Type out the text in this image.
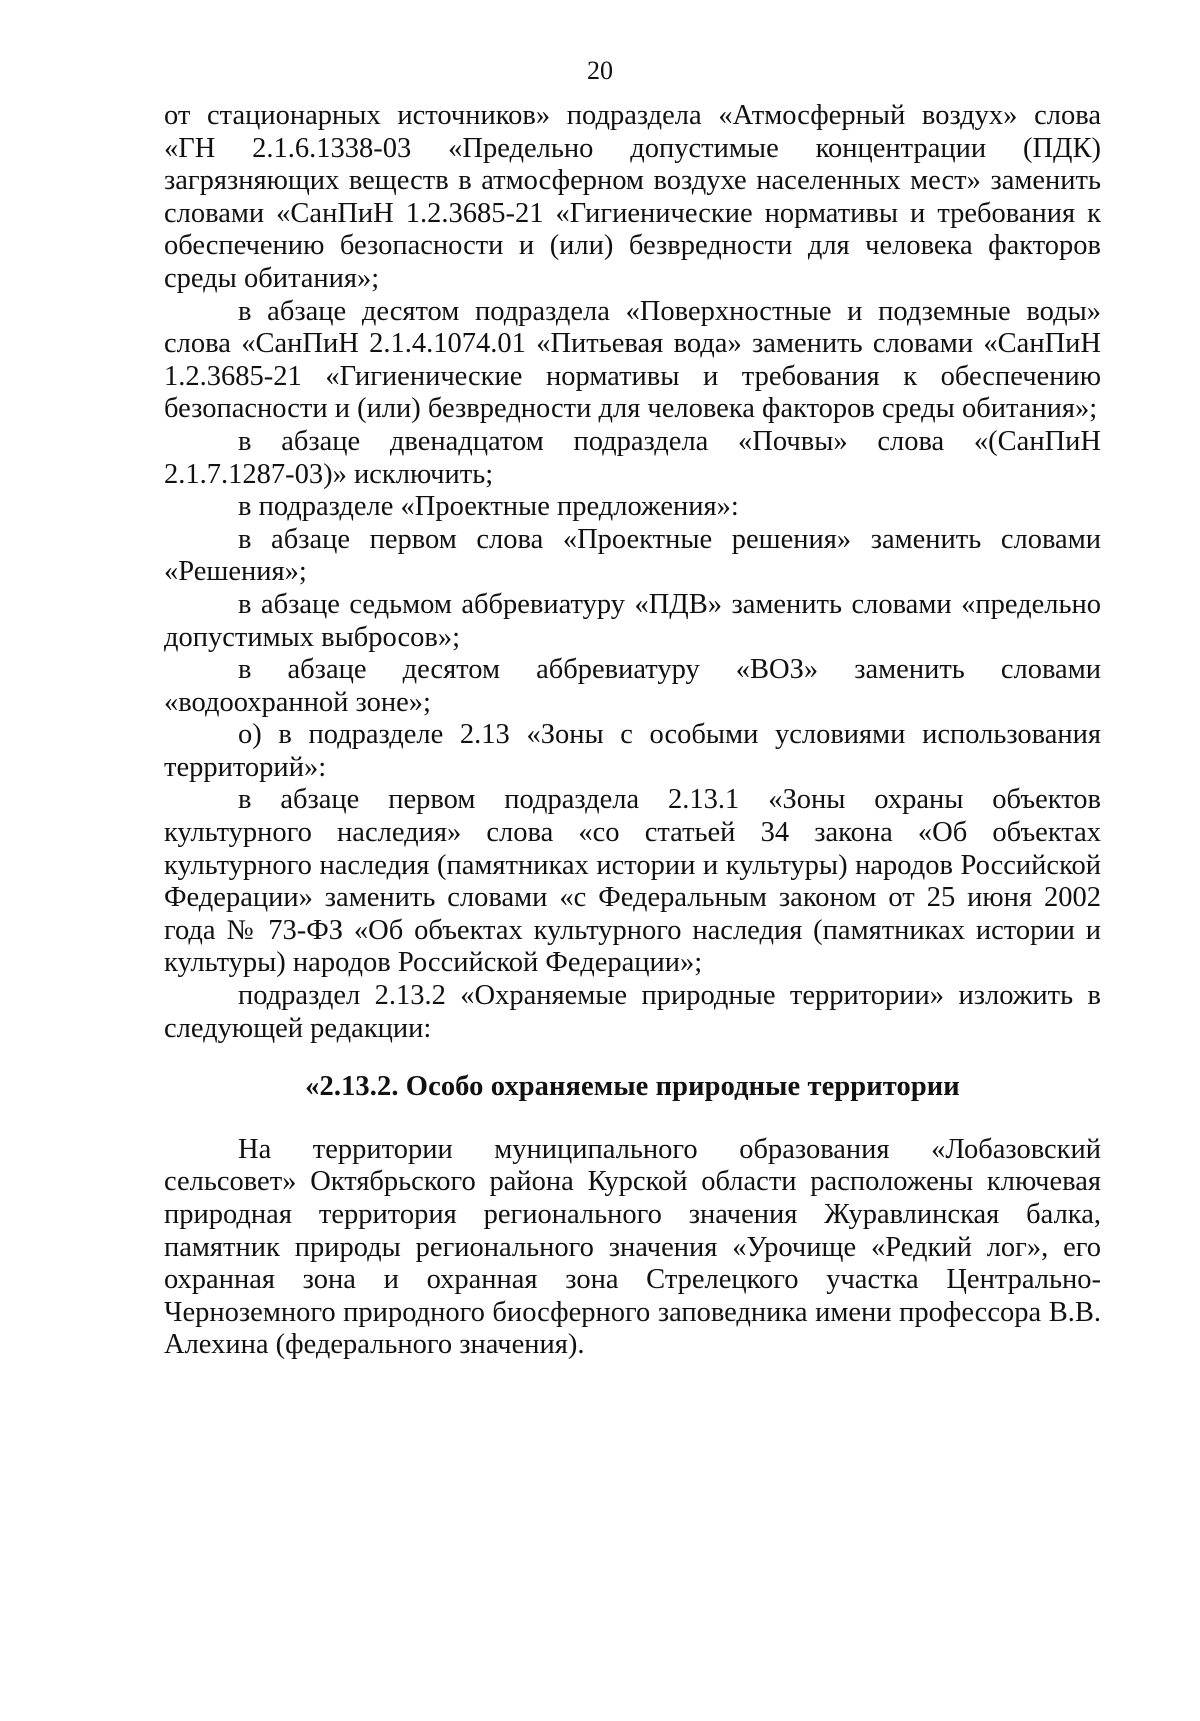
20

от стационарных источников» подраздела «Атмосферный воздух» слова «ГН 2.1.6.1338-03 «Предельно допустимые концентрации (ПДК) загрязняющих веществ в атмосферном воздухе населенных мест» заменить словами «СанПиН 1.2.3685-21 «Гигиенические нормативы и требования к обеспечению безопасности и (или) безвредности для человека факторов среды обитания»;

в абзаце десятом подраздела «Поверхностные и подземные воды» слова «СанПиН 2.1.4.1074.01 «Питьевая вода» заменить словами «СанПиН 1.2.3685-21 «Гигиенические нормативы и требования к обеспечению безопасности и (или) безвредности для человека факторов среды обитания»;

в абзаце двенадцатом подраздела «Почвы» слова «(СанПиН 2.1.7.1287-03)» исключить;

в подразделе «Проектные предложения»:

в абзаце первом слова «Проектные решения» заменить словами «Решения»;

в абзаце седьмом аббревиатуру «ПДВ» заменить словами «предельно допустимых выбросов»;

в абзаце десятом аббревиатуру «ВОЗ» заменить словами «водоохранной зоне»;

о) в подразделе 2.13 «Зоны с особыми условиями использования территорий»:

в абзаце первом подраздела 2.13.1 «Зоны охраны объектов культурного наследия» слова «со статьей 34 закона «Об объектах культурного наследия (памятниках истории и культуры) народов Российской Федерации» заменить словами «с Федеральным законом от 25 июня 2002 года № 73-ФЗ «Об объектах культурного наследия (памятниках истории и культуры) народов Российской Федерации»;

подраздел 2.13.2 «Охраняемые природные территории» изложить в следующей редакции:

«2.13.2. Особо охраняемые природные территории

На территории муниципального образования «Лобазовский сельсовет» Октябрьского района Курской области расположены ключевая природная территория регионального значения Журавлинская балка, памятник природы регионального значения «Урочище «Редкий лог», его охранная зона и охранная зона Стрелецкого участка Центрально-Черноземного природного биосферного заповедника имени профессора В.В. Алехина (федерального значения).
